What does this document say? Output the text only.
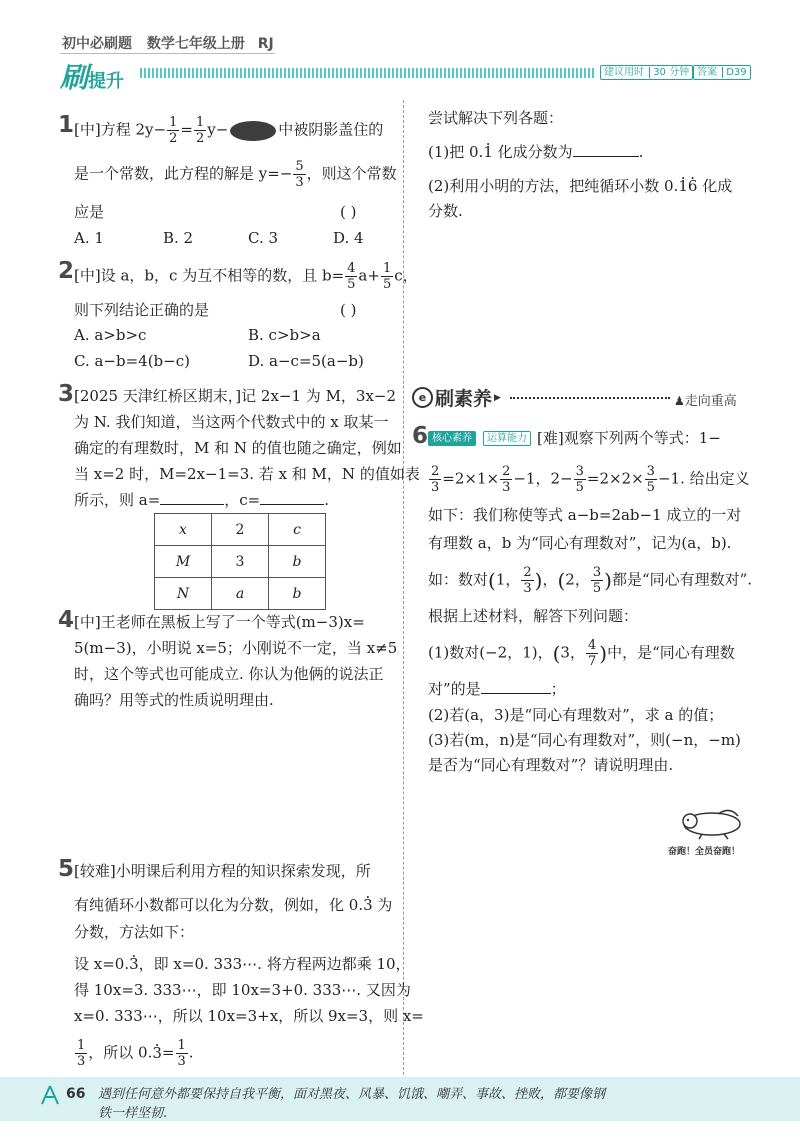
初中必刷题 数学七年级上册 RJ
刷提升	建议用时 30 分钟 答案 D39
1 [中]方程 $2y- \frac{1}{2} = \frac{1}{2} y-$	中被阴影盖住的
是一个常数，此方程的解是 $y=- \frac{5}{3}$ ，则这个常数
应是	( )
A. 1	B. 2	C. 3	D. 4
2 [中]设 a，b，c 为互不相等的数，且 $b= \frac{4}{5} a+ \frac{1}{5}$ c，
则下列结论正确的是	( )
A. a>b>c	B. c>b>a
C. a−b=4(b−c)	D. a−c=5(a−b)
3 [2025 天津红桥区期末，]记 2x−1 为 M，3x−2
为 N. 我们知道，当这两个代数式中的 x 取某一
确定的有理数时，M 和 N 的值也随之确定，例如
当 x=2 时，M=2x−1=3. 若 x 和 M，N 的值如表
所示，则 a=	，c=	.
x	2	c
M	3	b
N	a	b
4 [中]王老师在黑板上写了一个等式(m−3)x=
5(m−3)，小明说 x=5；小刚说不一定，当 x≠5
时，这个等式也可能成立. 你认为他俩的说法正
确吗？用等式的性质说明理由.
5 [较难]小明课后利用方程的知识探索发现，所
有纯循环小数都可以化为分数，例如，化 0.3 · 为
分数，方法如下：
设 x=0.3 ·，即 x=0. 333⋯. 将方程两边都乘 10，
得 10x=3. 333⋯，即 10x=3+0. 333⋯. 又因为
x=0. 333⋯，所以 10x=3+x，所以 9x=3，则 x=
$\frac{1}{3}$ ，所以 $0.3 \cdot= \frac{1}{3}$ .
尝试解决下列各题：
(1)把 0.1 · 化成分数为	.
(2)利用小明的方法，把纯循环小数 0.1 ·6 · 化成
分数.
e 刷素养 ▶	♟走向重高
6 核心素养	运算能力 [难]观察下列两个等式：1−
$\frac{2}{3} =2\times 1\times \frac{2}{3} -1$，$2- \frac{3}{5} =2\times 2\times \frac{3}{5} -1$. 给出定义
如下：我们称使等式 a−b=2ab−1 成立的一对
有理数 a，b 为“同心有理数对”，记为(a，b).
如：数对(1， $\frac{2}{3}$ )，(2， $\frac{3}{5}$ )都是“同心有理数对”.
根据上述材料，解答下列问题：
(1)数对(−2，1)，(3， $\frac{4}{7}$ )中，是“同心有理数
对”的是	；
(2)若(a，3)是“同心有理数对”，求 a 的值；
(3)若(m，n)是“同心有理数对”，则(−n，−m)
是否为“同心有理数对”？请说明理由.
奋跑！全员奋跑！
66 遇到任何意外都要保持自我平衡，面对黑夜、风暴、饥饿、嘲弄、事故、挫败，都要像钢
铁一样坚韧.
